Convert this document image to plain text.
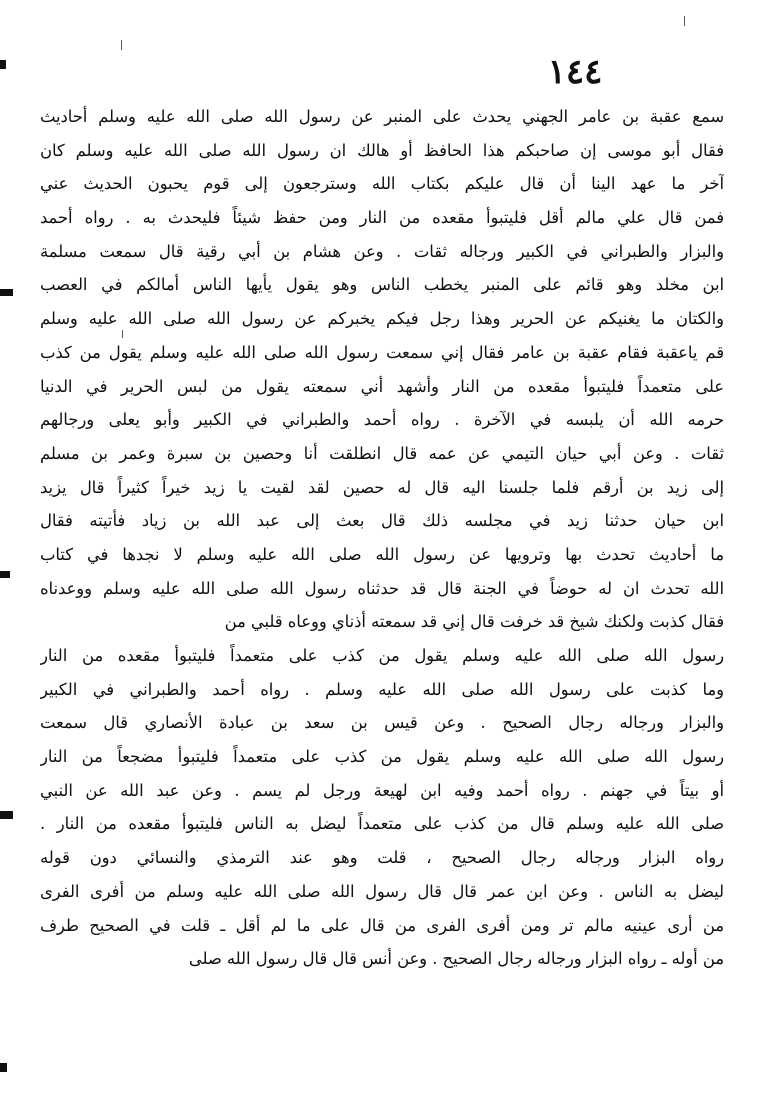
١٤٤
سمع عقبة بن عامر الجهني يحدث على المنبر عن رسول الله صلى الله عليه وسلم أحاديث
فقال أبو موسى إن صاحبكم هذا الحافظ أو هالك ان رسول الله صلى الله عليه وسلم كان
آخر ما عهد الينا أن قال عليكم بكتاب الله وسترجعون إلى قوم يحبون الحديث عني
فمن قال علي مالم أقل فليتبوأ مقعده من النار ومن حفظ شيئاً فليحدث به . رواه أحمد
والبزار والطبراني في الكبير ورجاله ثقات . وعن هشام بن أبي رقية قال سمعت مسلمة
ابن مخلد وهو قائم على المنبر يخطب الناس وهو يقول يأيها الناس أمالكم في العصب
والكتان ما يغنيكم عن الحرير وهذا رجل فيكم يخبركم عن رسول الله صلى الله عليه وسلم
قم ياعقبة فقام عقبة بن عامر فقال إني سمعت رسول الله صلى الله عليه وسلم يقول من كذب
على متعمداً فليتبوأ مقعده من النار وأشهد أني سمعته يقول من لبس الحرير في الدنيا
حرمه الله أن يلبسه في الآخرة . رواه أحمد والطبراني في الكبير وأبو يعلى ورجالهم
ثقات . وعن أبي حيان التيمي عن عمه قال انطلقت أنا وحصين بن سبرة وعمر بن مسلم
إلى زيد بن أرقم فلما جلسنا اليه قال له حصين لقد لقيت يا زيد خيراً كثيراً قال يزيد
ابن حيان حدثنا زيد في مجلسه ذلك قال بعث إلى عبد الله بن زياد فأتيته فقال
ما أحاديث تحدث بها وترويها عن رسول الله صلى الله عليه وسلم لا نجدها في كتاب
الله تحدث ان له حوضاً في الجنة قال قد حدثناه رسول الله صلى الله عليه وسلم ووعدناه
فقال كذبت ولكنك شيخ قد خرفت قال إني قد سمعته أذناي ووعاه قلبي من
رسول الله صلى الله عليه وسلم يقول من كذب على متعمداً فليتبوأ مقعده من النار
وما كذبت على رسول الله صلى الله عليه وسلم . رواه أحمد والطبراني في الكبير
والبزار ورجاله رجال الصحيح . وعن قيس بن سعد بن عبادة الأنصاري قال سمعت
رسول الله صلى الله عليه وسلم يقول من كذب على متعمداً فليتبوأ مضجعاً من النار
أو بيتاً في جهنم . رواه أحمد وفيه ابن لهيعة ورجل لم يسم . وعن عبد الله عن النبي
صلى الله عليه وسلم قال من كذب على متعمداً ليضل به الناس فليتبوأ مقعده من النار .
رواه البزار ورجاله رجال الصحيح ، قلت وهو عند الترمذي والنسائي دون قوله
ليضل به الناس . وعن ابن عمر قال قال رسول الله صلى الله عليه وسلم من أفرى الفرى
من أرى عينيه مالم تر ومن أفرى الفرى من قال على ما لم أقل ـ قلت في الصحيح طرف
من أوله ـ رواه البزار ورجاله رجال الصحيح . وعن أنس قال قال رسول الله صلى
